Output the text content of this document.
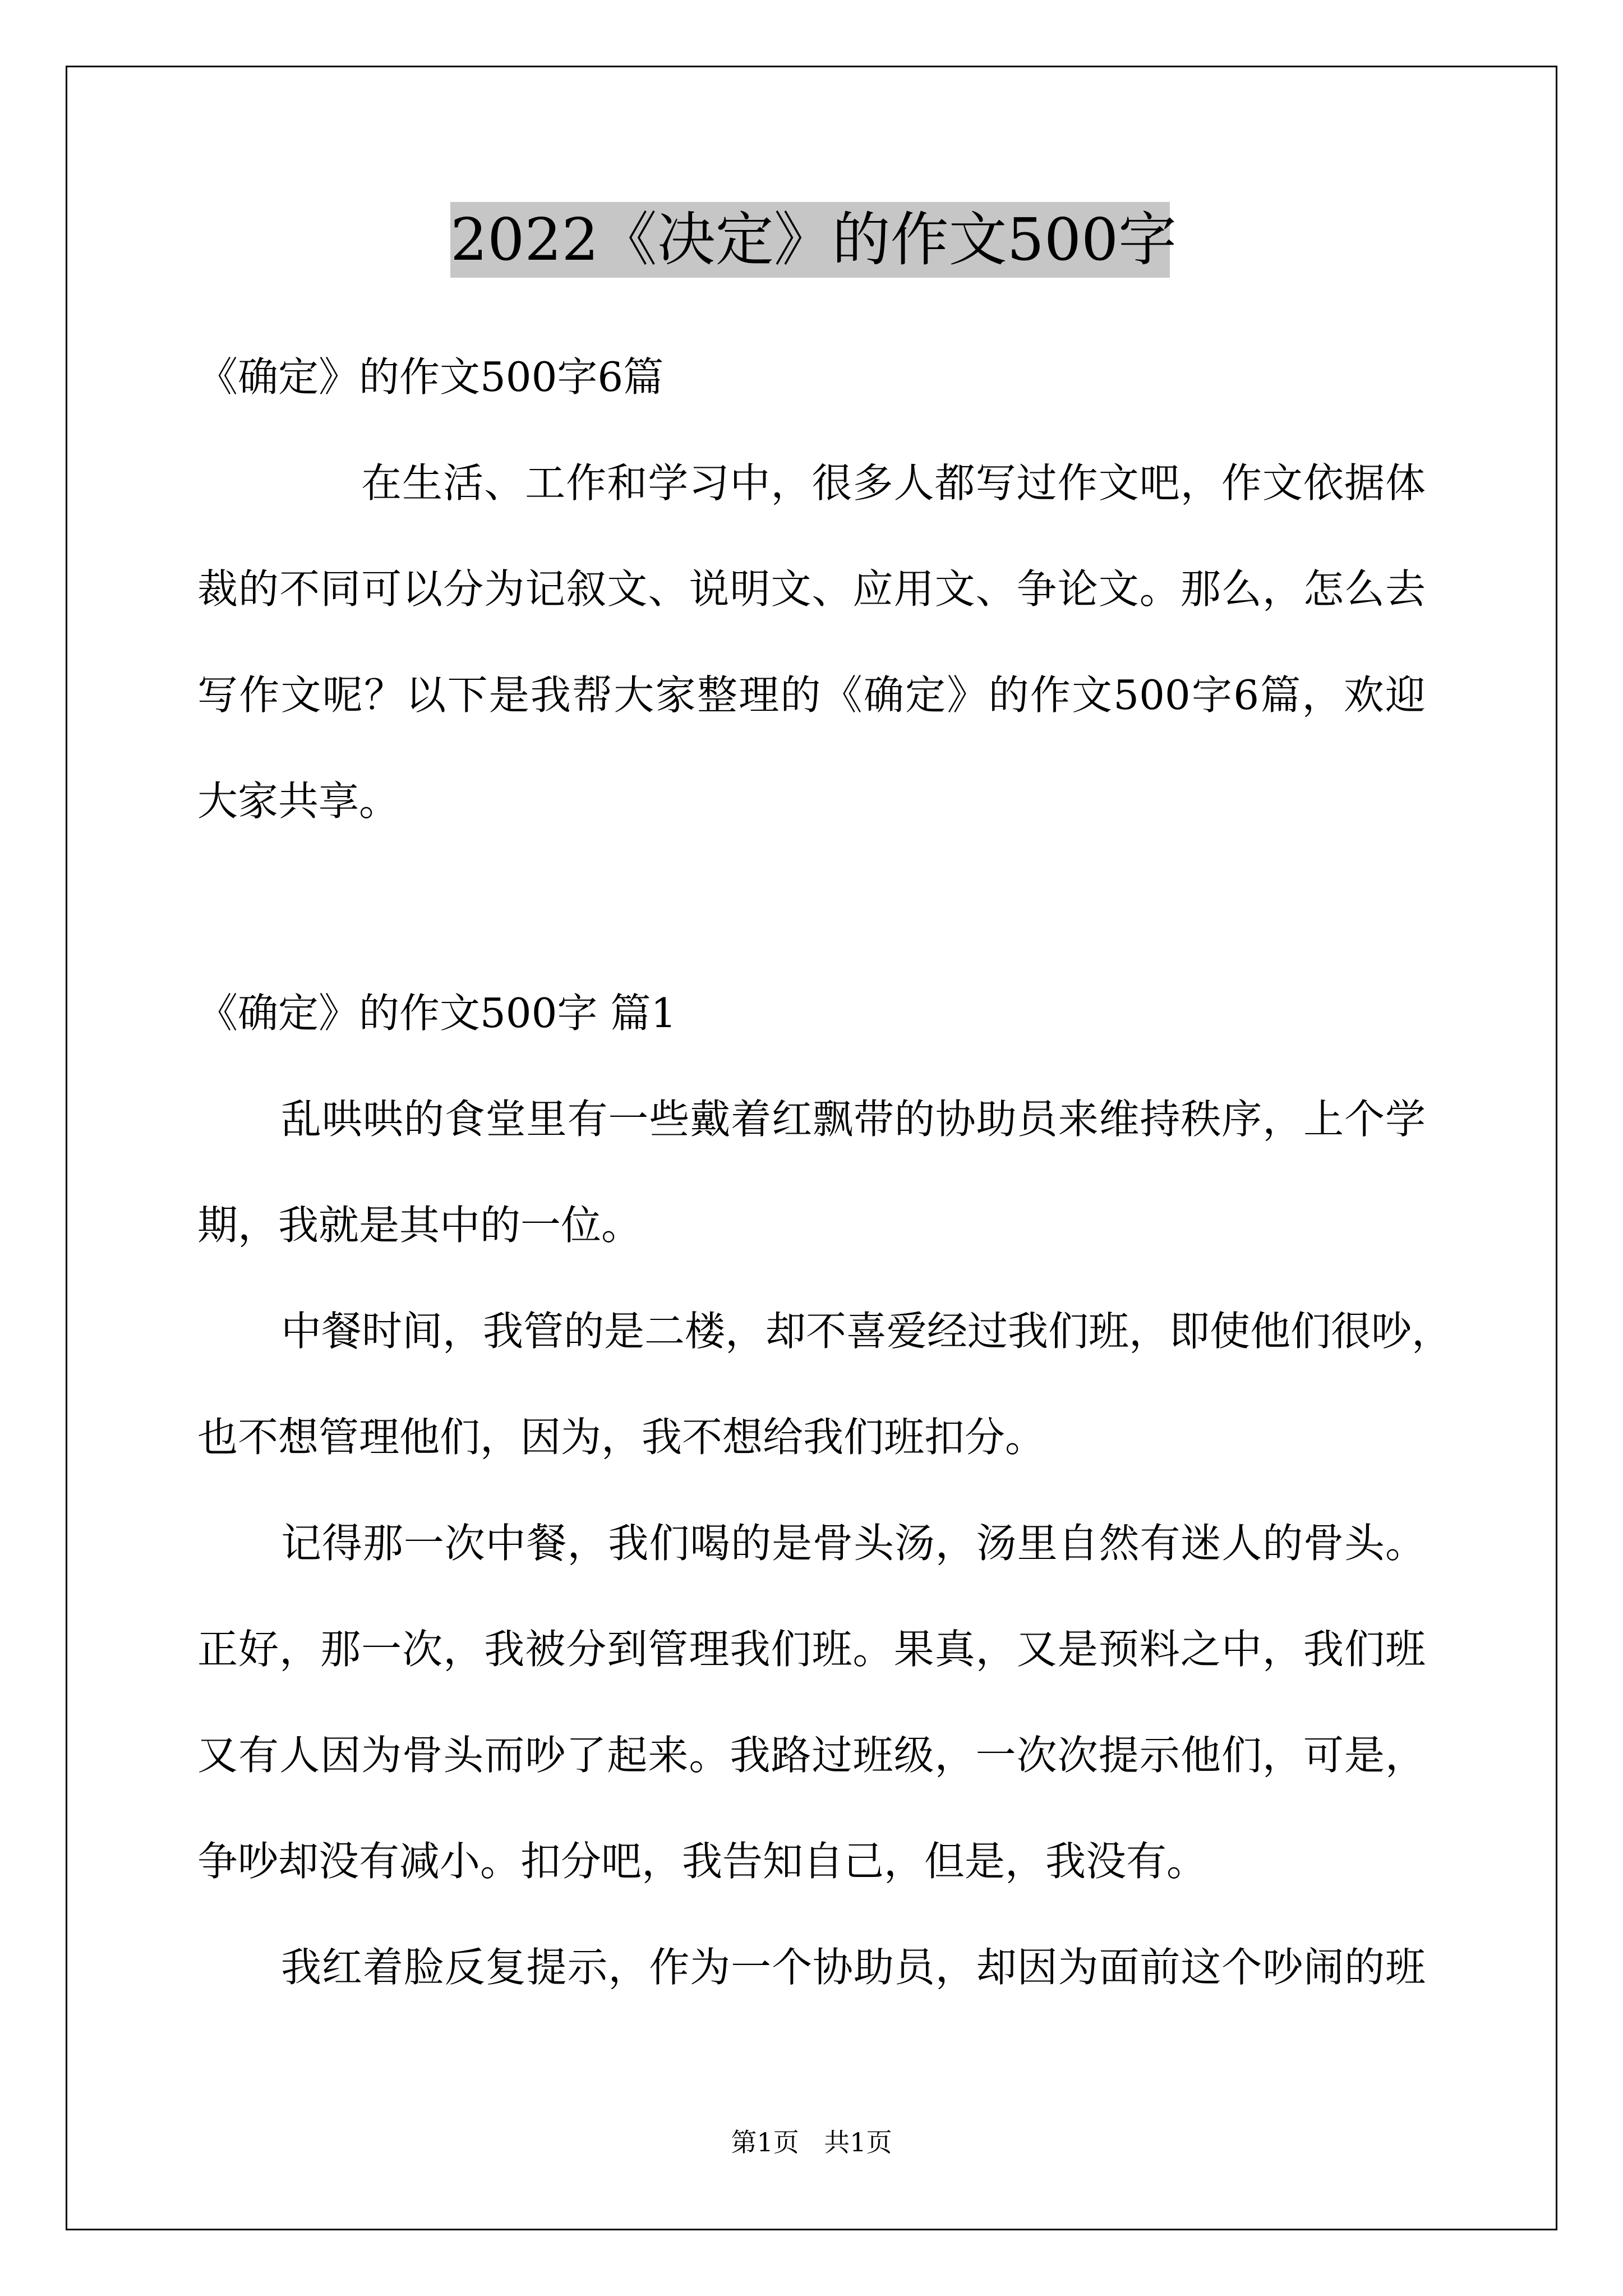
2022《决定》的作文500字
《确定》的作文500字6篇
在生活、工作和学习中，很多人都写过作文吧，作文依据体
裁的不同可以分为记叙文、说明文、应用文、争论文。那么，怎么去
写作文呢？以下是我帮大家整理的《确定》的作文500字6篇，欢迎
大家共享。
《确定》的作文500字 篇1
乱哄哄的食堂里有一些戴着红飘带的协助员来维持秩序，上个学
期，我就是其中的一位。
中餐时间，我管的是二楼，却不喜爱经过我们班，即使他们很吵，
也不想管理他们，因为，我不想给我们班扣分。
记得那一次中餐，我们喝的是骨头汤，汤里自然有迷人的骨头。
正好，那一次，我被分到管理我们班。果真，又是预料之中，我们班
又有人因为骨头而吵了起来。我路过班级，一次次提示他们，可是，
争吵却没有减小。扣分吧，我告知自己，但是，我没有。
我红着脸反复提示，作为一个协助员，却因为面前这个吵闹的班
第1页 共1页
